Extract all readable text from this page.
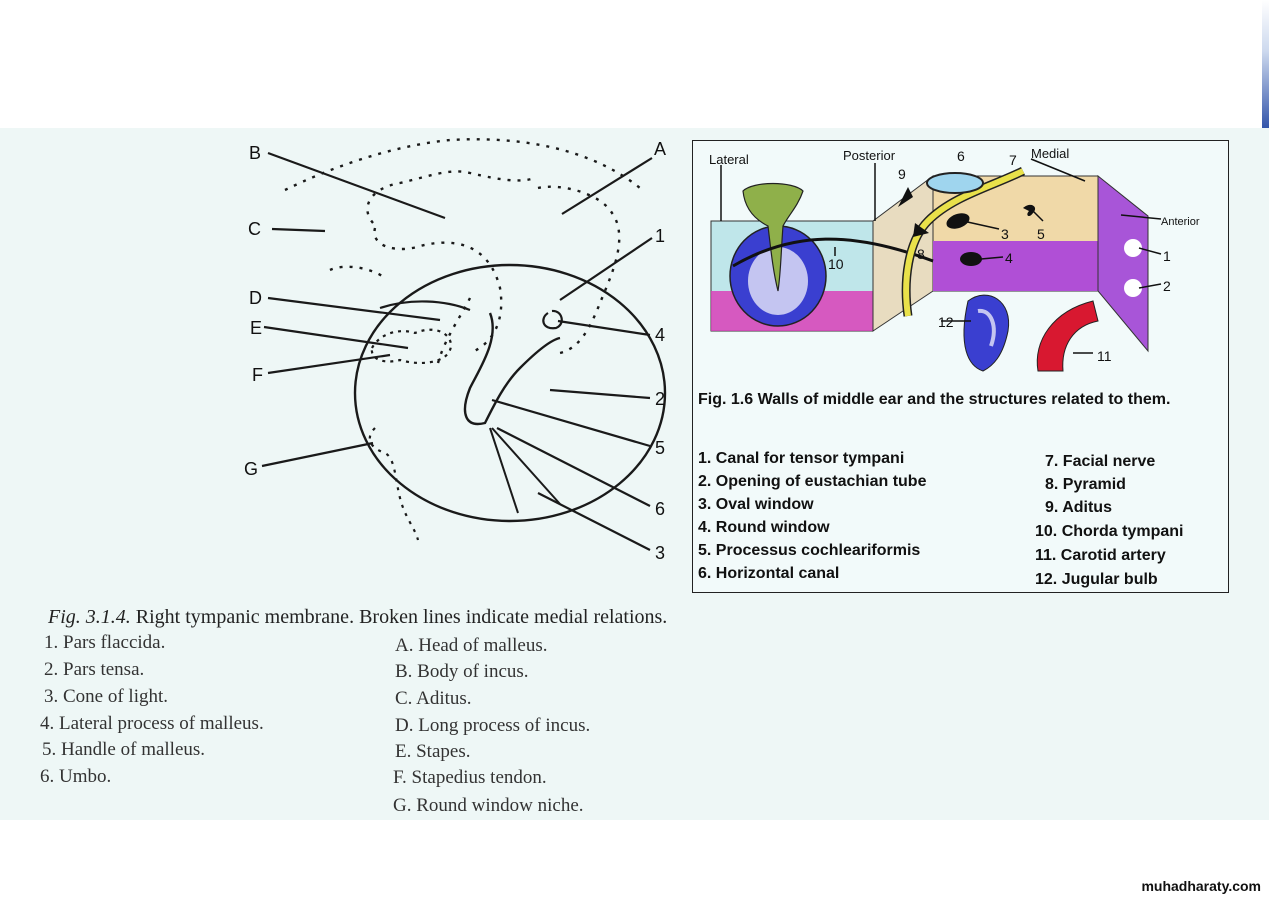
B	A
C	1
D
4
E
F
2
5
G
6
3
Lateral	Posterior	Medial
Anterior
6	7
9
3 5
4
8
10	1
2
12
11
Fig. 1.6 Walls of middle ear and the structures related to them.
1. Canal for tensor tympani
2. Opening of eustachian tube
3. Oval window
4. Round window
5. Processus cochleariformis
6. Horizontal canal
7. Facial nerve
8. Pyramid
9. Aditus
10. Chorda tympani
11. Carotid artery
12. Jugular bulb
Fig. 3.1.4. Right tympanic membrane. Broken lines indicate medial relations.
1. Pars flaccida.
2. Pars tensa.
3. Cone of light.
4. Lateral process of malleus.
5. Handle of malleus.
6. Umbo.
A. Head of malleus.
B. Body of incus.
C. Aditus.
D. Long process of incus.
E. Stapes.
F. Stapedius tendon.
G. Round window niche.
muhadharaty.com
